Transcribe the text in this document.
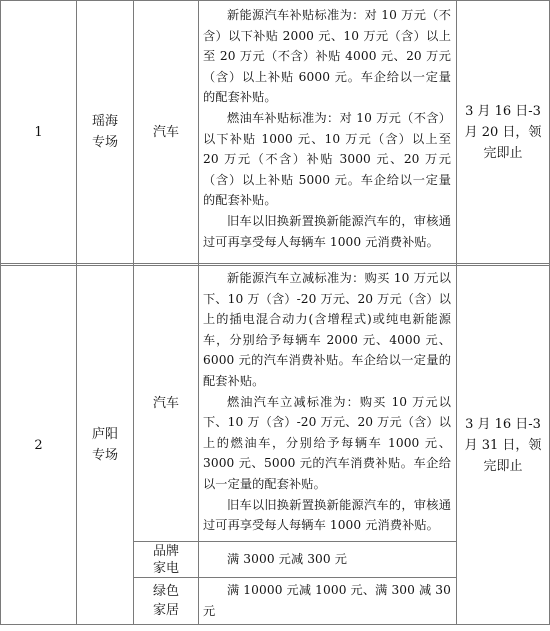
1
瑶海
专场
汽车

新能源汽车补贴标准为：对 10 万元（不含）以下补贴 2000 元、10 万元（含）以上至 20 万元（不含）补贴 4000 元、20 万元（含）以上补贴 6000 元。车企给以一定量的配套补贴。

燃油车补贴标准为：对 10 万元（不含）以下补贴 1000 元、10 万元（含）以上至 20 万元（不含）补贴 3000 元、20 万元（含）以上补贴 5000 元。车企给以一定量的配套补贴。

旧车以旧换新置换新能源汽车的，审核通过可再享受每人每辆车 1000 元消费补贴。

3 月 16 日-3 月 20 日，领完即止
2
庐阳
专场
汽车

新能源汽车立减标准为：购买 10 万元以下、10 万（含）-20 万元、20 万元（含）以上的插电混合动力(含增程式)或纯电新能源车，分别给予每辆车 2000 元、4000 元、6000 元的汽车消费补贴。车企给以一定量的配套补贴。

燃油汽车立减标准为：购买 10 万元以下、10 万（含）-20 万元、20 万元（含）以上的燃油车，分别给予每辆车 1000 元、3000 元、5000 元的汽车消费补贴。车企给以一定量的配套补贴。

旧车以旧换新置换新能源汽车的，审核通过可再享受每人每辆车 1000 元消费补贴。

3 月 16 日-3 月 31 日，领完即止
品牌
家电

满 3000 元减 300 元

绿色
家居

满 10000 元减 1000 元、满 300 减 30 元
